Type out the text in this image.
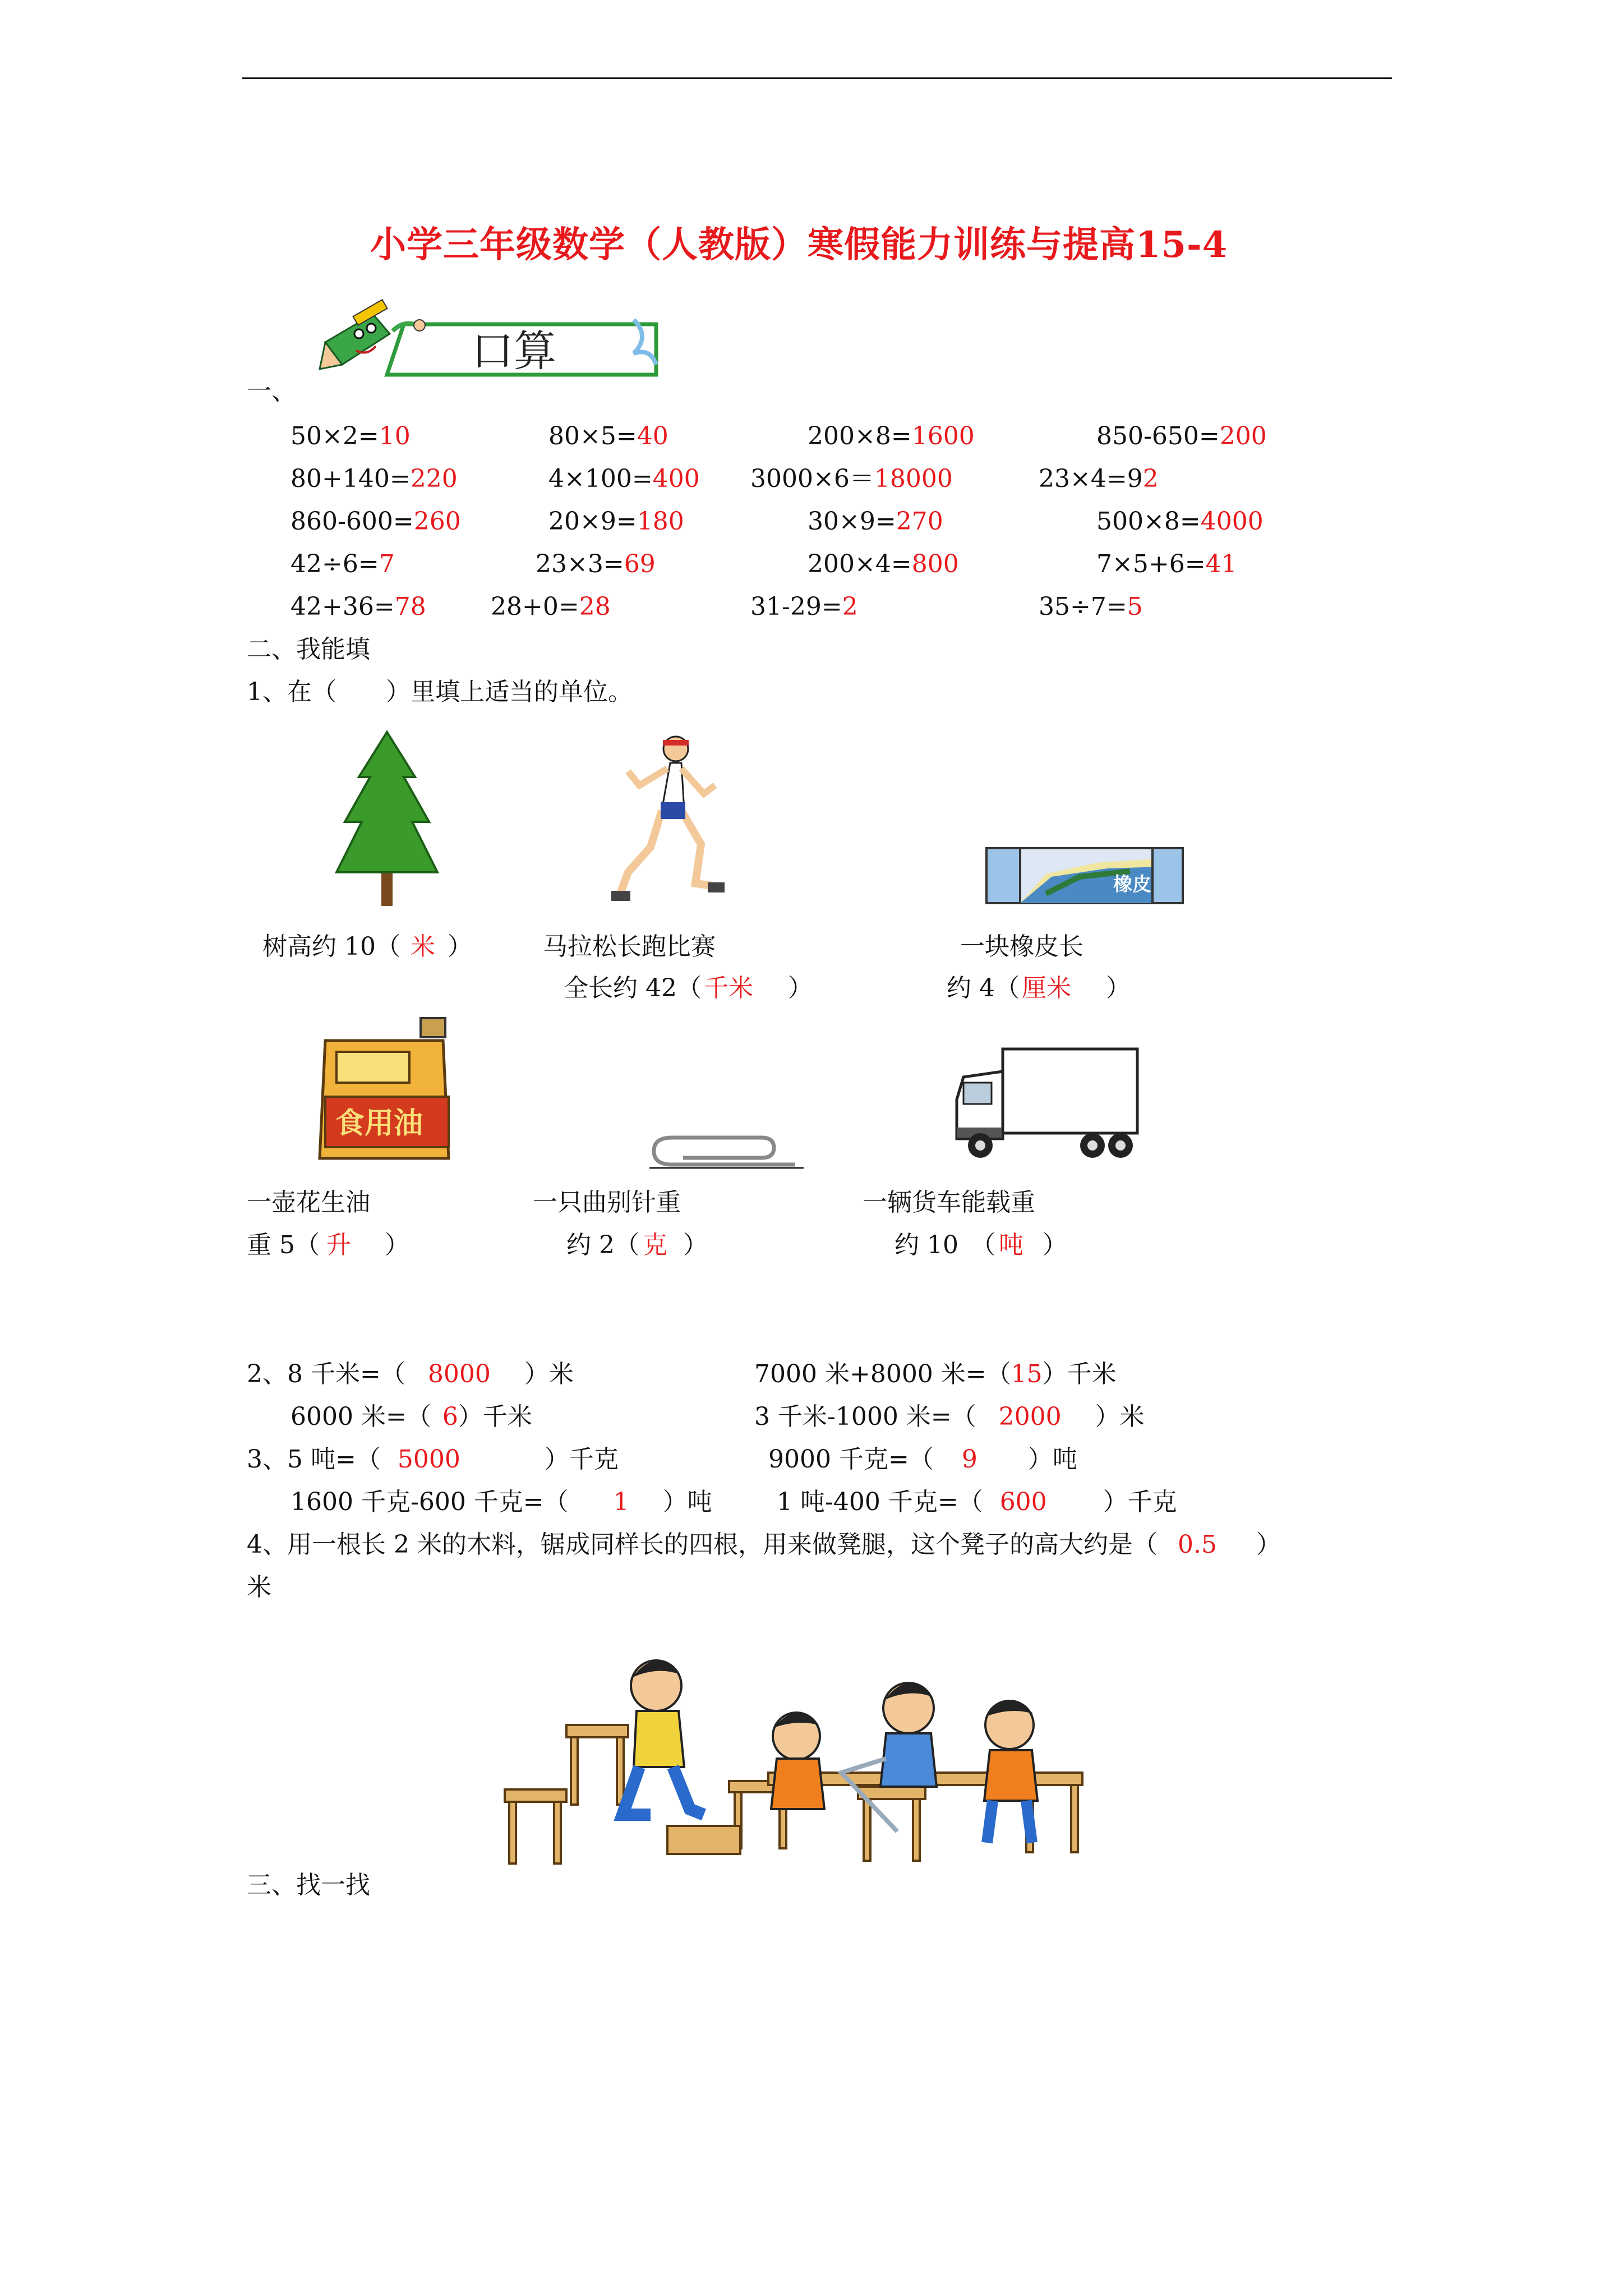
小学三年级数学（人教版）寒假能力训练与提高15-4
口算
一、
50×2=10	80×5=40	200×8=1600	850-650=200
80+140=220	4×100=400 3000×6＝18000	23×4=92
860-600=260	20×9=180	30×9=270	500×8=4000
42÷6=7	23×3=69	200×4=800	7×5+6=41
42+36=78	28+0=28	31-29=2	35÷7=5
二、我能填
1、在（　　）里填上适当的单位。
树高约 10（ 米 ）	马拉松长跑比赛
全长约 42（千米 ）
橡皮
一块橡皮长
约 4（厘米 ）
食用油
一壶花生油
重 5（ 升 ）
一只曲别针重
约 2（ 克 ）
一辆货车能载重
约 10　（ 吨 ）
2、8 千米=（ 8000 ）米	7000 米+8000 米=（15）千米
6000 米=（ 6）千米	3 千米-1000 米=（ 2000 ）米
3、5 吨=（ 5000	）千克	9000 千克=（ 9 ）吨
1600 千克-600 千克=（ 1 ）吨	1 吨-400 千克=（ 600 ）千克
4、用一根长 2 米的木料，锯成同样长的四根，用来做凳腿，这个凳子的高大约是（ 0.5 ）
米
三、找一找
